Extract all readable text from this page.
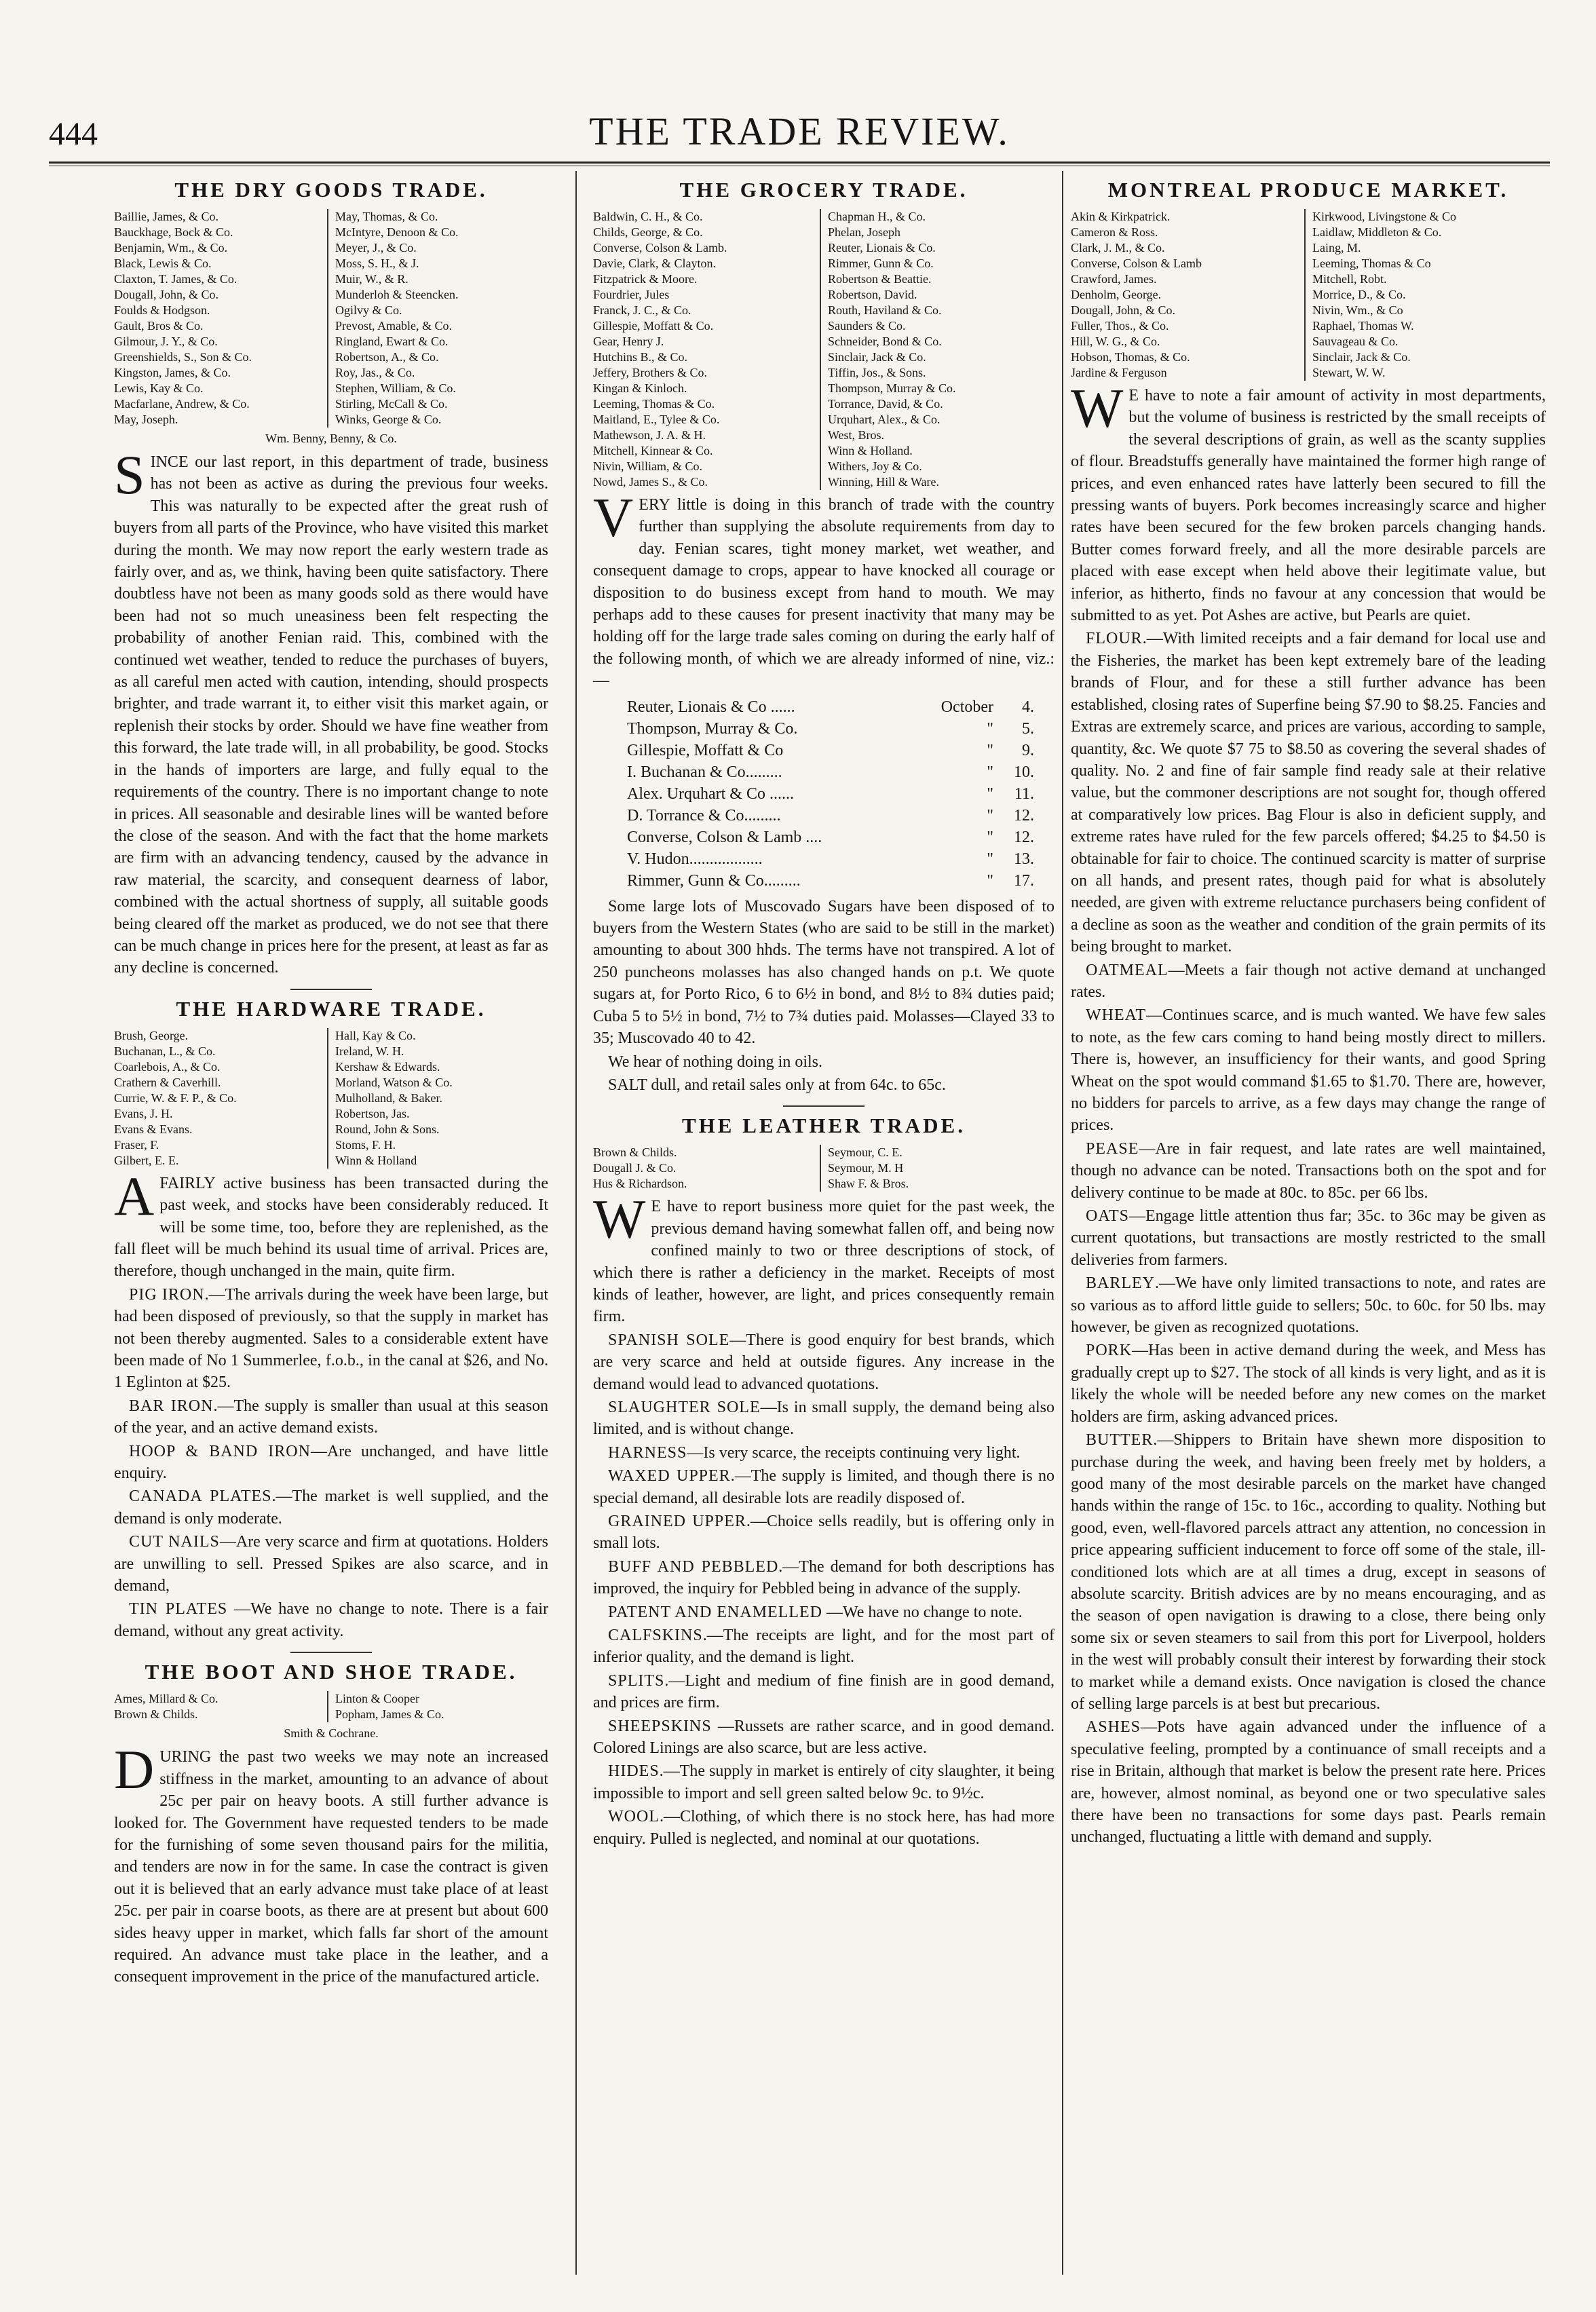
444	THE TRADE REVIEW.
THE DRY GOODS TRADE.
Baillie, James, & Co.
Bauckhage, Bock & Co.
Benjamin, Wm., & Co.
Black, Lewis & Co.
Claxton, T. James, & Co.
Dougall, John, & Co.
Foulds & Hodgson.
Gault, Bros & Co.
Gilmour, J. Y., & Co.
Greenshields, S., Son & Co.
Kingston, James, & Co.
Lewis, Kay & Co.
Macfarlane, Andrew, & Co.
May, Joseph.
May, Thomas, & Co.
McIntyre, Denoon & Co.
Meyer, J., & Co.
Moss, S. H., & J.
Muir, W., & R.
Munderloh & Steencken.
Ogilvy & Co.
Prevost, Amable, & Co.
Ringland, Ewart & Co.
Robertson, A., & Co.
Roy, Jas., & Co.
Stephen, William, & Co.
Stirling, McCall & Co.
Winks, George & Co.
Wm. Benny, Benny, & Co.

SINCE our last report, in this department of trade, business has not been as active as during the previous four weeks. This was naturally to be expected after the great rush of buyers from all parts of the Province, who have visited this market during the month. We may now report the early western trade as fairly over, and as, we think, having been quite satisfactory. There doubtless have not been as many goods sold as there would have been had not so much uneasiness been felt respecting the probability of another Fenian raid. This, combined with the continued wet weather, tended to reduce the purchases of buyers, as all careful men acted with caution, intending, should prospects brighter, and trade warrant it, to either visit this market again, or replenish their stocks by order. Should we have fine weather from this forward, the late trade will, in all probability, be good. Stocks in the hands of importers are large, and fully equal to the requirements of the country. There is no important change to note in prices. All seasonable and desirable lines will be wanted before the close of the season. And with the fact that the home markets are firm with an advancing tendency, caused by the advance in raw material, the scarcity, and consequent dearness of labor, combined with the actual shortness of supply, all suitable goods being cleared off the market as produced, we do not see that there can be much change in prices here for the present, at least as far as any decline is concerned.

THE HARDWARE TRADE.
Brush, George.
Buchanan, L., & Co.
Coarlebois, A., & Co.
Crathern & Caverhill.
Currie, W. & F. P., & Co.
Evans, J. H.
Evans & Evans.
Fraser, F.
Gilbert, E. E.
Hall, Kay & Co.
Ireland, W. H.
Kershaw & Edwards.
Morland, Watson & Co.
Mulholland, & Baker.
Robertson, Jas.
Round, John & Sons.
Stoms, F. H.
Winn & Holland

A FAIRLY active business has been transacted during the past week, and stocks have been considerably reduced. It will be some time, too, before they are replenished, as the fall fleet will be much behind its usual time of arrival. Prices are, therefore, though unchanged in the main, quite firm.

PIG IRON.—The arrivals during the week have been large, but had been disposed of previously, so that the supply in market has not been thereby augmented. Sales to a considerable extent have been made of No 1 Summerlee, f.o.b., in the canal at $26, and No. 1 Eglinton at $25.

BAR IRON.—The supply is smaller than usual at this season of the year, and an active demand exists.

HOOP & BAND IRON—Are unchanged, and have little enquiry.

CANADA PLATES.—The market is well supplied, and the demand is only moderate.

CUT NAILS—Are very scarce and firm at quotations. Holders are unwilling to sell. Pressed Spikes are also scarce, and in demand,

TIN PLATES —We have no change to note. There is a fair demand, without any great activity.

THE BOOT AND SHOE TRADE.
Ames, Millard & Co.
Brown & Childs.
Linton & Cooper
Popham, James & Co.
Smith & Cochrane.

DURING the past two weeks we may note an increased stiffness in the market, amounting to an advance of about 25c per pair on heavy boots. A still further advance is looked for. The Government have requested tenders to be made for the furnishing of some seven thousand pairs for the militia, and tenders are now in for the same. In case the contract is given out it is believed that an early advance must take place of at least 25c. per pair in coarse boots, as there are at present but about 600 sides heavy upper in market, which falls far short of the amount required. An advance must take place in the leather, and a consequent improvement in the price of the manufactured article.

THE GROCERY TRADE.
Baldwin, C. H., & Co.
Childs, George, & Co.
Converse, Colson & Lamb.
Davie, Clark, & Clayton.
Fitzpatrick & Moore.
Fourdrier, Jules
Franck, J. C., & Co.
Gillespie, Moffatt & Co.
Gear, Henry J.
Hutchins B., & Co.
Jeffery, Brothers & Co.
Kingan & Kinloch.
Leeming, Thomas & Co.
Maitland, E., Tylee & Co.
Mathewson, J. A. & H.
Mitchell, Kinnear & Co.
Nivin, William, & Co.
Nowd, James S., & Co.
Chapman H., & Co.
Phelan, Joseph
Reuter, Lionais & Co.
Rimmer, Gunn & Co.
Robertson & Beattie.
Robertson, David.
Routh, Haviland & Co.
Saunders & Co.
Schneider, Bond & Co.
Sinclair, Jack & Co.
Tiffin, Jos., & Sons.
Thompson, Murray & Co.
Torrance, David, & Co.
Urquhart, Alex., & Co.
West, Bros.
Winn & Holland.
Withers, Joy & Co.
Winning, Hill & Ware.

VERY little is doing in this branch of trade with the country further than supplying the absolute requirements from day to day. Fenian scares, tight money market, wet weather, and consequent damage to crops, appear to have knocked all courage or disposition to do business except from hand to mouth. We may perhaps add to these causes for present inactivity that many may be holding off for the large trade sales coming on during the early half of the following month, of which we are already informed of nine, viz.:—

Reuter, Lionais & Co ......	October	4.
Thompson, Murray & Co.	"	5.
Gillespie, Moffatt & Co	"	9.
I. Buchanan & Co.........	"	10.
Alex. Urquhart & Co ......	"	11.
D. Torrance & Co.........	"	12.
Converse, Colson & Lamb ....	"	12.
V. Hudon..................	"	13.
Rimmer, Gunn & Co.........	"	17.

Some large lots of Muscovado Sugars have been disposed of to buyers from the Western States (who are said to be still in the market) amounting to about 300 hhds. The terms have not transpired. A lot of 250 puncheons molasses has also changed hands on p.t. We quote sugars at, for Porto Rico, 6 to 6½ in bond, and 8½ to 8¾ duties paid; Cuba 5 to 5½ in bond, 7½ to 7¾ duties paid. Molasses—Clayed 33 to 35; Muscovado 40 to 42.

We hear of nothing doing in oils.

SALT dull, and retail sales only at from 64c. to 65c.

THE LEATHER TRADE.
Brown & Childs.
Dougall J. & Co.
Hus & Richardson.
Seymour, C. E.
Seymour, M. H
Shaw F. & Bros.

W E have to report business more quiet for the past week, the previous demand having somewhat fallen off, and being now confined mainly to two or three descriptions of stock, of which there is rather a deficiency in the market. Receipts of most kinds of leather, however, are light, and prices consequently remain firm.

SPANISH SOLE—There is good enquiry for best brands, which are very scarce and held at outside figures. Any increase in the demand would lead to advanced quotations.

SLAUGHTER SOLE—Is in small supply, the demand being also limited, and is without change.

HARNESS—Is very scarce, the receipts continuing very light.

WAXED UPPER.—The supply is limited, and though there is no special demand, all desirable lots are readily disposed of.

GRAINED UPPER.—Choice sells readily, but is offering only in small lots.

BUFF AND PEBBLED.—The demand for both descriptions has improved, the inquiry for Pebbled being in advance of the supply.

PATENT AND ENAMELLED —We have no change to note.

CALFSKINS.—The receipts are light, and for the most part of inferior quality, and the demand is light.

SPLITS.—Light and medium of fine finish are in good demand, and prices are firm.

SHEEPSKINS —Russets are rather scarce, and in good demand. Colored Linings are also scarce, but are less active.

HIDES.—The supply in market is entirely of city slaughter, it being impossible to import and sell green salted below 9c. to 9½c.

WOOL.—Clothing, of which there is no stock here, has had more enquiry. Pulled is neglected, and nominal at our quotations.

MONTREAL PRODUCE MARKET.
Akin & Kirkpatrick.
Cameron & Ross.
Clark, J. M., & Co.
Converse, Colson & Lamb
Crawford, James.
Denholm, George.
Dougall, John, & Co.
Fuller, Thos., & Co.
Hill, W. G., & Co.
Hobson, Thomas, & Co.
Jardine & Ferguson
Kirkwood, Livingstone & Co
Laidlaw, Middleton & Co.
Laing, M.
Leeming, Thomas & Co
Mitchell, Robt.
Morrice, D., & Co.
Nivin, Wm., & Co
Raphael, Thomas W.
Sauvageau & Co.
Sinclair, Jack & Co.
Stewart, W. W.

W E have to note a fair amount of activity in most departments, but the volume of business is restricted by the small receipts of the several descriptions of grain, as well as the scanty supplies of flour. Breadstuffs generally have maintained the former high range of prices, and even enhanced rates have latterly been secured to fill the pressing wants of buyers. Pork becomes increasingly scarce and higher rates have been secured for the few broken parcels changing hands. Butter comes forward freely, and all the more desirable parcels are placed with ease except when held above their legitimate value, but inferior, as hitherto, finds no favour at any concession that would be submitted to as yet. Pot Ashes are active, but Pearls are quiet.

FLOUR.—With limited receipts and a fair demand for local use and the Fisheries, the market has been kept extremely bare of the leading brands of Flour, and for these a still further advance has been established, closing rates of Superfine being $7.90 to $8.25. Fancies and Extras are extremely scarce, and prices are various, according to sample, quantity, &c. We quote $7 75 to $8.50 as covering the several shades of quality. No. 2 and fine of fair sample find ready sale at their relative value, but the commoner descriptions are not sought for, though offered at comparatively low prices. Bag Flour is also in deficient supply, and extreme rates have ruled for the few parcels offered; $4.25 to $4.50 is obtainable for fair to choice. The continued scarcity is matter of surprise on all hands, and present rates, though paid for what is absolutely needed, are given with extreme reluctance purchasers being confident of a decline as soon as the weather and condition of the grain permits of its being brought to market.

OATMEAL—Meets a fair though not active demand at unchanged rates.

WHEAT—Continues scarce, and is much wanted. We have few sales to note, as the few cars coming to hand being mostly direct to millers. There is, however, an insufficiency for their wants, and good Spring Wheat on the spot would command $1.65 to $1.70. There are, however, no bidders for parcels to arrive, as a few days may change the range of prices.

PEASE—Are in fair request, and late rates are well maintained, though no advance can be noted. Transactions both on the spot and for delivery continue to be made at 80c. to 85c. per 66 lbs.

OATS—Engage little attention thus far; 35c. to 36c may be given as current quotations, but transactions are mostly restricted to the small deliveries from farmers.

BARLEY.—We have only limited transactions to note, and rates are so various as to afford little guide to sellers; 50c. to 60c. for 50 lbs. may however, be given as recognized quotations.

PORK—Has been in active demand during the week, and Mess has gradually crept up to $27. The stock of all kinds is very light, and as it is likely the whole will be needed before any new comes on the market holders are firm, asking advanced prices.

BUTTER.—Shippers to Britain have shewn more disposition to purchase during the week, and having been freely met by holders, a good many of the most desirable parcels on the market have changed hands within the range of 15c. to 16c., according to quality. Nothing but good, even, well-flavored parcels attract any attention, no concession in price appearing sufficient inducement to force off some of the stale, ill-conditioned lots which are at all times a drug, except in seasons of absolute scarcity. British advices are by no means encouraging, and as the season of open navigation is drawing to a close, there being only some six or seven steamers to sail from this port for Liverpool, holders in the west will probably consult their interest by forwarding their stock to market while a demand exists. Once navigation is closed the chance of selling large parcels is at best but precarious.

ASHES—Pots have again advanced under the influence of a speculative feeling, prompted by a continuance of small receipts and a rise in Britain, although that market is below the present rate here. Prices are, however, almost nominal, as beyond one or two speculative sales there have been no transactions for some days past. Pearls remain unchanged, fluctuating a little with demand and supply.
